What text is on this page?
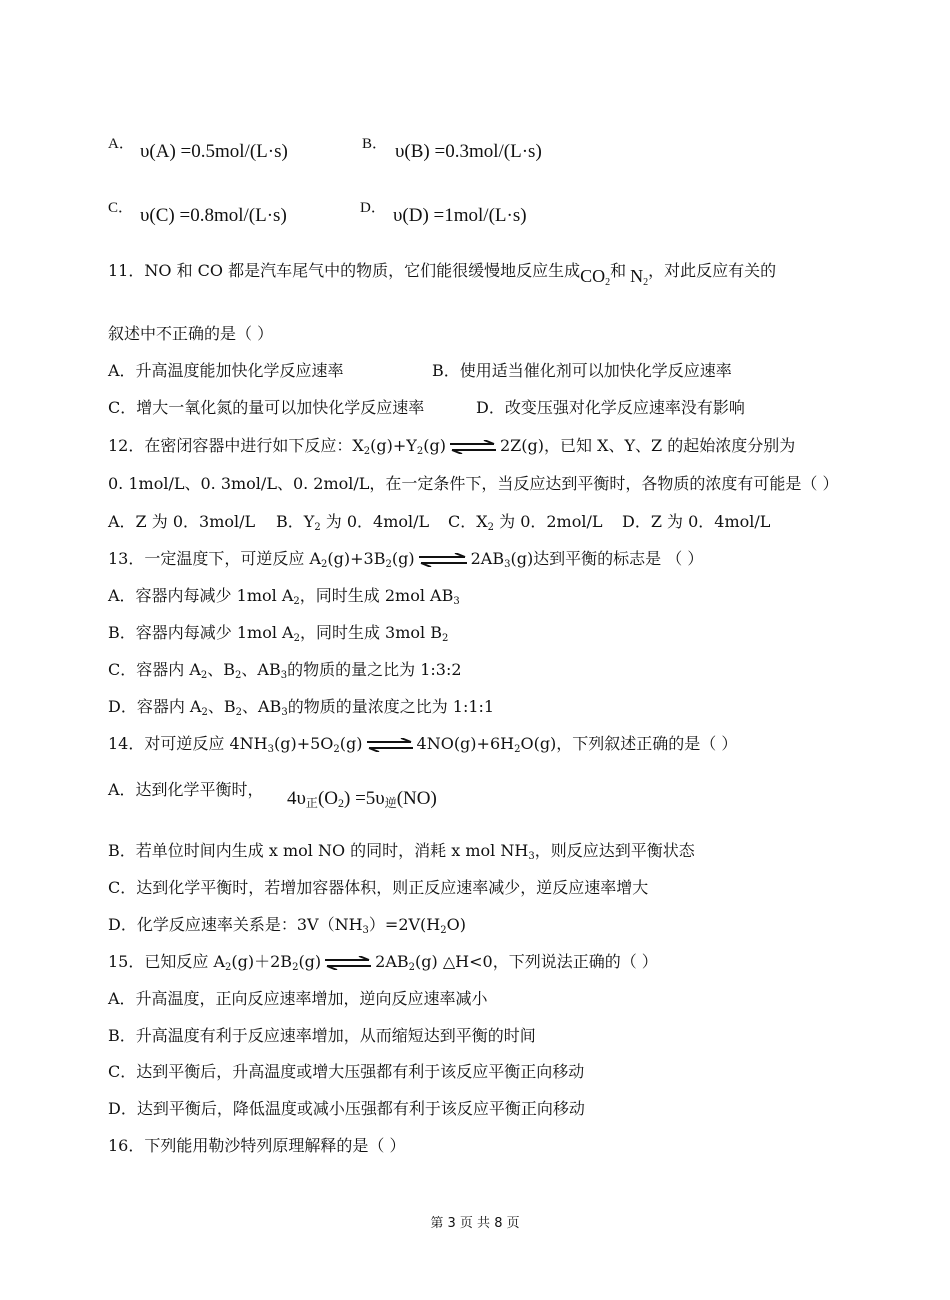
A． υ(A) =0.5mol/(L·s)	B． υ(B) =0.3mol/(L·s)
C． υ(C) =0.8mol/(L·s)	D． υ(D) =1mol/(L·s)
11．NO 和 CO 都是汽车尾气中的物质，它们能很缓慢地反应生成$CO_2$和 $N_2$，对此反应有关的
叙述中不正确的是（ ）
A．升高温度能加快化学反应速率	B．使用适当催化剂可以加快化学反应速率
C．增大一氧化氮的量可以加快化学反应速率	D．改变压强对化学反应速率没有影响
12．在密闭容器中进行如下反应：$X_2(g)+Y_2(g)$ ⇌ 2Z(g)，已知 X、Y、Z 的起始浓度分别为
0. 1mol/L、0. 3mol/L、0. 2mol/L，在一定条件下，当反应达到平衡时，各物质的浓度有可能是（ ）
A．Z 为 0．3mol/L B．$Y_2$ 为 0．4mol/L C．$X_2$ 为 0．2mol/L D．Z 为 0．4mol/L
13．一定温度下，可逆反应 $A_2(g)+3B_2(g)$ ⇌ $2AB_3(g)$达到平衡的标志是 （ ）
A．容器内每减少 1mol $A_2$，同时生成 2mol $AB_3$
B．容器内每减少 1mol $A_2$，同时生成 3mol $B_2$
C．容器内 $A_2$、$B_2$、$AB_3$的物质的量之比为 1:3:2
D．容器内 $A_2$、$B_2$、$AB_3$的物质的量浓度之比为 1:1:1
14．对可逆反应 $4NH_3(g)+5O_2(g)$ ⇌ $4NO(g)+6H_2O(g)$，下列叙述正确的是（ ）
A．达到化学平衡时， $4\upsilon_正(O_2) =5\upsilon_逆(NO)$
B．若单位时间内生成 x mol NO 的同时，消耗 x mol $NH_3$，则反应达到平衡状态
C．达到化学平衡时，若增加容器体积，则正反应速率减少，逆反应速率增大
D．化学反应速率关系是：$3V(NH_3)=2V(H_2O)$
15．已知反应 $A_2(g)+2B_2(g)$ ⇌ $2AB_2(g)$ △H<0，下列说法正确的（ ）
A．升高温度，正向反应速率增加，逆向反应速率减小
B．升高温度有利于反应速率增加，从而缩短达到平衡的时间
C．达到平衡后，升高温度或增大压强都有利于该反应平衡正向移动
D．达到平衡后，降低温度或减小压强都有利于该反应平衡正向移动
16．下列能用勒沙特列原理解释的是（ ）
第 3 页 共 8 页
